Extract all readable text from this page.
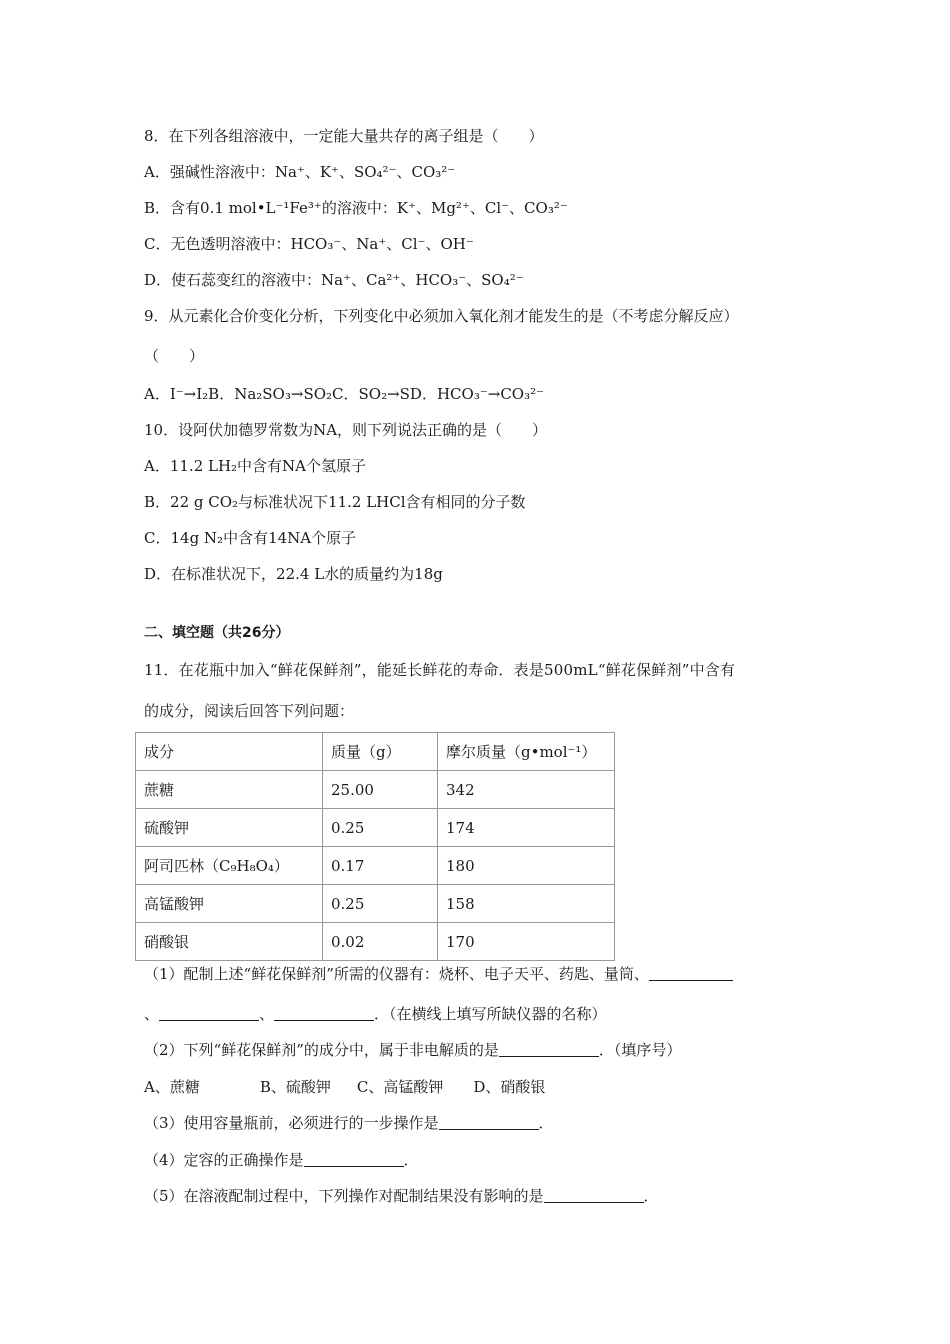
8．在下列各组溶液中，一定能大量共存的离子组是（　　）
A．强碱性溶液中：Na⁺、K⁺、SO₄²⁻、CO₃²⁻
B．含有0.1 mol•L⁻¹Fe³⁺的溶液中：K⁺、Mg²⁺、Cl⁻、CO₃²⁻
C．无色透明溶液中：HCO₃⁻、Na⁺、Cl⁻、OH⁻
D．使石蕊变红的溶液中：Na⁺、Ca²⁺、HCO₃⁻、SO₄²⁻
9．从元素化合价变化分析，下列变化中必须加入氧化剂才能发生的是（不考虑分解反应）
（　　）
A．I⁻→I₂B．Na₂SO₃→SO₂C．SO₂→SD．HCO₃⁻→CO₃²⁻
10．设阿伏加德罗常数为NA，则下列说法正确的是（　　）
A．11.2 LH₂中含有NA个氢原子
B．22 g CO₂与标准状况下11.2 LHCl含有相同的分子数
C．14g N₂中含有14NA个原子
D．在标准状况下，22.4 L水的质量约为18g
二、填空题（共26分）
11．在花瓶中加入“鲜花保鲜剂”，能延长鲜花的寿命．表是500mL“鲜花保鲜剂”中含有
的成分，阅读后回答下列问题：
成分	质量（g）	摩尔质量（g•mol⁻¹）
蔗糖	25.00	342
硫酸钾	0.25	174
阿司匹林（C₉H₈O₄）	0.17	180
高锰酸钾	0.25	158
硝酸银	0.02	170
（1）配制上述“鲜花保鲜剂”所需的仪器有：烧杯、电子天平、药匙、量筒、
、	、	．（在横线上填写所缺仪器的名称）
（2）下列“鲜花保鲜剂”的成分中，属于非电解质的是	．（填序号）
A、蔗糖	B、硫酸钾 C、高锰酸钾 D、硝酸银
（3）使用容量瓶前，必须进行的一步操作是	．
（4）定容的正确操作是	．
（5）在溶液配制过程中，下列操作对配制结果没有影响的是	．
